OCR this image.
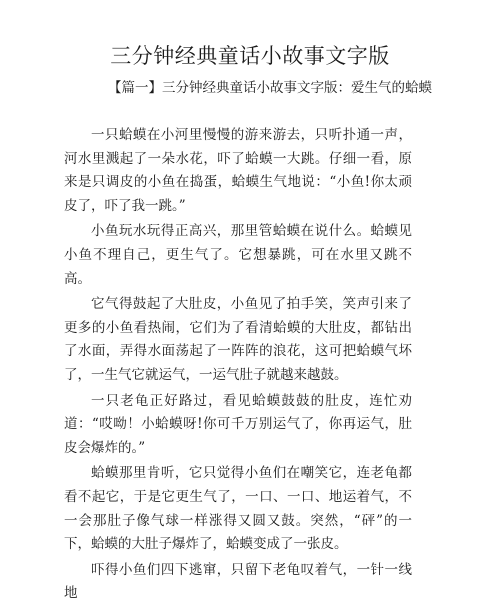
三分钟经典童话小故事文字版
【篇一】三分钟经典童话小故事文字版：爱生气的蛤蟆

一只蛤蟆在小河里慢慢的游来游去，只听扑通一声，河水里溅起了一朵水花，吓了蛤蟆一大跳。仔细一看，原来是只调皮的小鱼在捣蛋，蛤蟆生气地说：“小鱼!你太顽皮了，吓了我一跳。”

小鱼玩水玩得正高兴，那里管蛤蟆在说什么。蛤蟆见小鱼不理自己，更生气了。它想暴跳，可在水里又跳不高。

它气得鼓起了大肚皮，小鱼见了拍手笑，笑声引来了更多的小鱼看热闹，它们为了看清蛤蟆的大肚皮，都钻出了水面，弄得水面荡起了一阵阵的浪花，这可把蛤蟆气坏了，一生气它就运气，一运气肚子就越来越鼓。

一只老龟正好路过，看见蛤蟆鼓鼓的肚皮，连忙劝道：“哎呦！小蛤蟆呀!你可千万别运气了，你再运气，肚皮会爆炸的。”

蛤蟆那里肯听，它只觉得小鱼们在嘲笑它，连老龟都看不起它，于是它更生气了，一口、一口、地运着气，不一会那肚子像气球一样涨得又圆又鼓。突然，“砰”的一下，蛤蟆的大肚子爆炸了，蛤蟆变成了一张皮。

吓得小鱼们四下逃窜，只留下老龟叹着气，一针一线地
